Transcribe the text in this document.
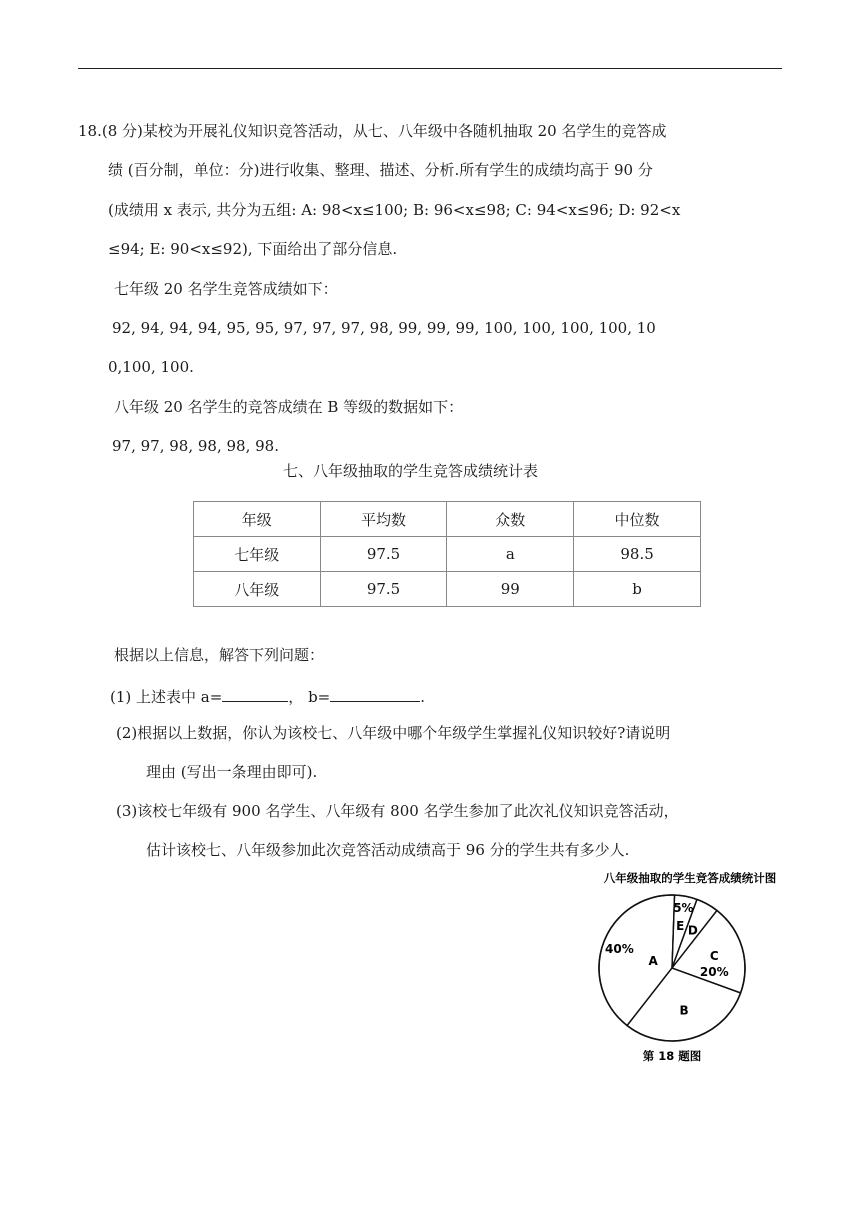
18.(8 分)某校为开展礼仪知识竞答活动，从七、八年级中各随机抽取 20 名学生的竞答成
绩 (百分制，单位：分)进行收集、整理、描述、分析.所有学生的成绩均高于 90 分
(成绩用 x 表示, 共分为五组: A: 98<x≤100; B: 96<x≤98; C: 94<x≤96; D: 92<x
≤94; E: 90<x≤92), 下面给出了部分信息.
七年级 20 名学生竞答成绩如下：
92, 94, 94, 94, 95, 95, 97, 97, 97, 98, 99, 99, 99, 100, 100, 100, 100, 10
0,100, 100.
八年级 20 名学生的竞答成绩在 B 等级的数据如下：
97, 97, 98, 98, 98, 98.
七、八年级抽取的学生竞答成绩统计表
年级	平均数	众数	中位数
七年级	97.5	a	98.5
八年级	97.5	99	b
根据以上信息，解答下列问题：
(1) 上述表中 a=	， b=	.
(2)根据以上数据，你认为该校七、八年级中哪个年级学生掌握礼仪知识较好?请说明
理由 (写出一条理由即可).
(3)该校七年级有 900 名学生、八年级有 800 名学生参加了此次礼仪知识竞答活动，
估计该校七、八年级参加此次竞答活动成绩高于 96 分的学生共有多少人.
八年级抽取的学生竞答成绩统计图
E
5%
D
C
20%
B
A
40%
第 18 题图
